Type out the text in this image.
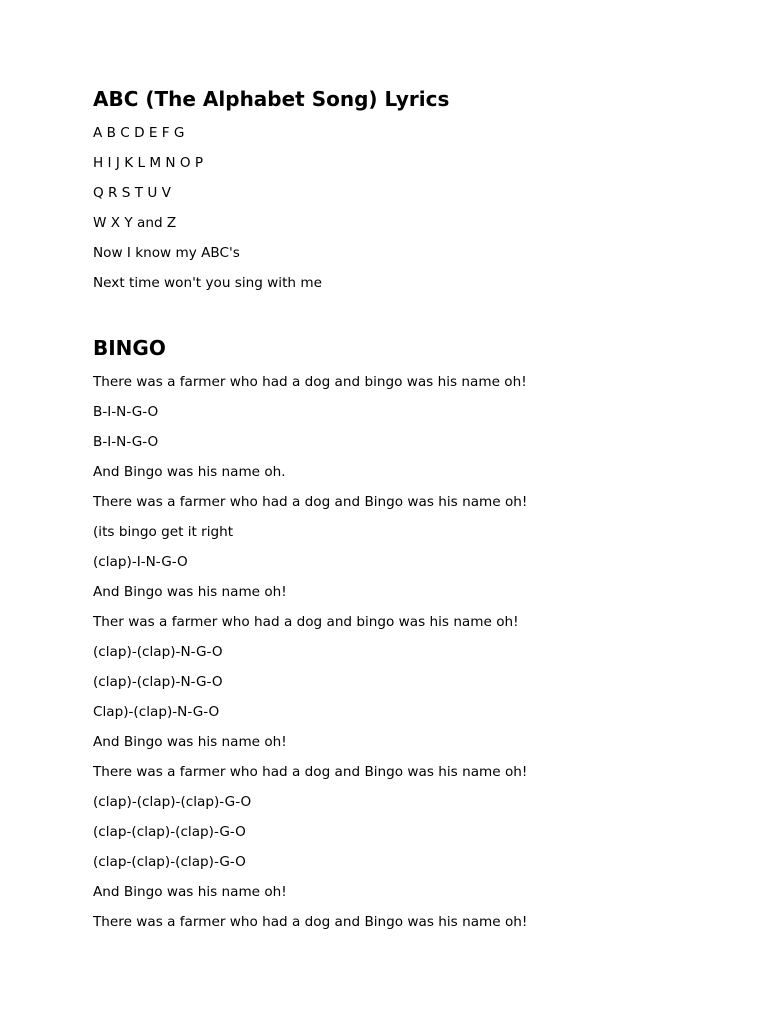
ABC (The Alphabet Song) Lyrics
A B C D E F G
H I J K L M N O P
Q R S T U V
W X Y and Z
Now I know my ABC's
Next time won't you sing with me
BINGO
There was a farmer who had a dog and bingo was his name oh!
B-I-N-G-O
B-I-N-G-O
And Bingo was his name oh.
There was a farmer who had a dog and Bingo was his name oh!
(its bingo get it right
(clap)-I-N-G-O
And Bingo was his name oh!
Ther was a farmer who had a dog and bingo was his name oh!
(clap)-(clap)-N-G-O
(clap)-(clap)-N-G-O
Clap)-(clap)-N-G-O
And Bingo was his name oh!
There was a farmer who had a dog and Bingo was his name oh!
(clap)-(clap)-(clap)-G-O
(clap-(clap)-(clap)-G-O
(clap-(clap)-(clap)-G-O
And Bingo was his name oh!
There was a farmer who had a dog and Bingo was his name oh!
